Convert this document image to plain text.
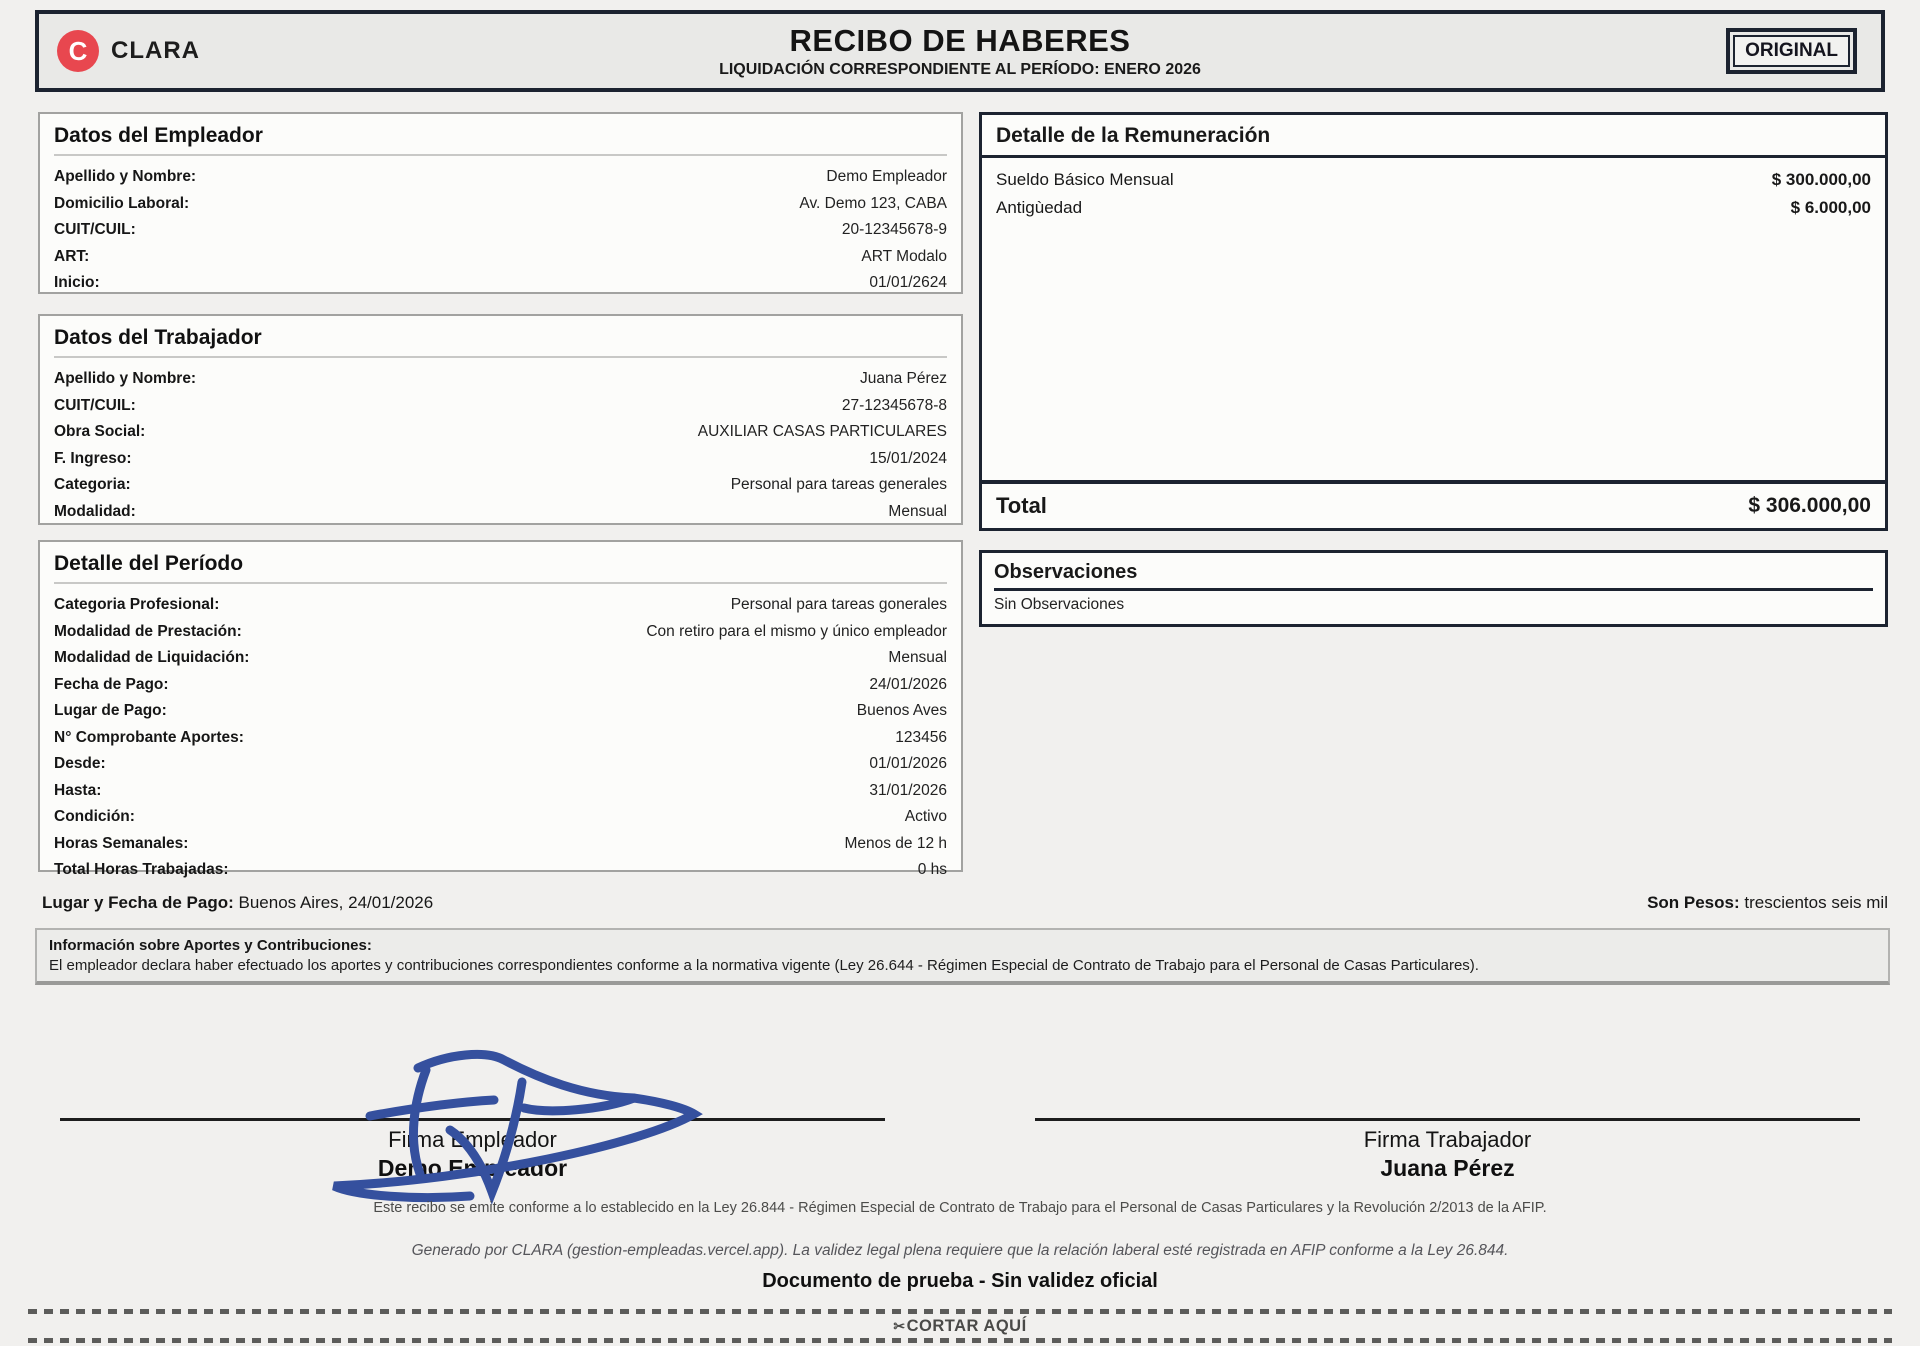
C CLARA	RECIBO DE HABERES
LIQUIDACIÓN CORRESPONDIENTE AL PERÍODO: ENERO 2026
ORIGINAL
Datos del Empleador
Apellido y Nombre:	Demo Empleador
Domicilio Laboral:	Av. Demo 123, CABA
CUIT/CUIL:	20-12345678-9
ART:	ART Modalo
Inicio:	01/01/2624
Datos del Trabajador
Apellido y Nombre:	Juana Pérez
CUIT/CUIL:	27-12345678-8
Obra Social:	AUXILIAR CASAS PARTICULARES
F. Ingreso:	15/01/2024
Categoria:	Personal para tareas generales
Modalidad:	Mensual
Detalle del Período
Categoria Profesional:	Personal para tareas gonerales
Modalidad de Prestación:	Con retiro para el mismo y único empleador
Modalidad de Liquidación:	Mensual
Fecha de Pago:	24/01/2026
Lugar de Pago:	Buenos Aves
N° Comprobante Aportes:	123456
Desde:	01/01/2026
Hasta:	31/01/2026
Condición:	Activo
Horas Semanales:	Menos de 12 h
Total Horas Trabajadas:	0 hs
Detalle de la Remuneración
Sueldo Básico Mensual	$ 300.000,00
Antigùedad	$ 6.000,00
Total	$ 306.000,00
Observaciones
Sin Observaciones
Lugar y Fecha de Pago: Buenos Aires, 24/01/2026	Son Pesos: trescientos seis mil
Información sobre Aportes y Contribuciones:
El empleador declara haber efectuado los aportes y contribuciones correspondientes conforme a la normativa vigente (Ley 26.644 - Régimen Especial de Contrato de Trabajo para el Personal de Casas Particulares).
Firma Empleador
Demo Empleador
Firma Trabajador
Juana Pérez
Este recibo se emite conforme a lo establecido en la Ley 26.844 - Régimen Especial de Contrato de Trabajo para el Personal de Casas Particulares y la Revolución 2/2013 de la AFIP.
Generado por CLARA (gestion-empleadas.vercel.app). La validez legal plena requiere que la relación laberal esté registrada en AFIP conforme a la Ley 26.844.
Documento de prueba - Sin validez oficial
✂CORTAR AQUÍ
